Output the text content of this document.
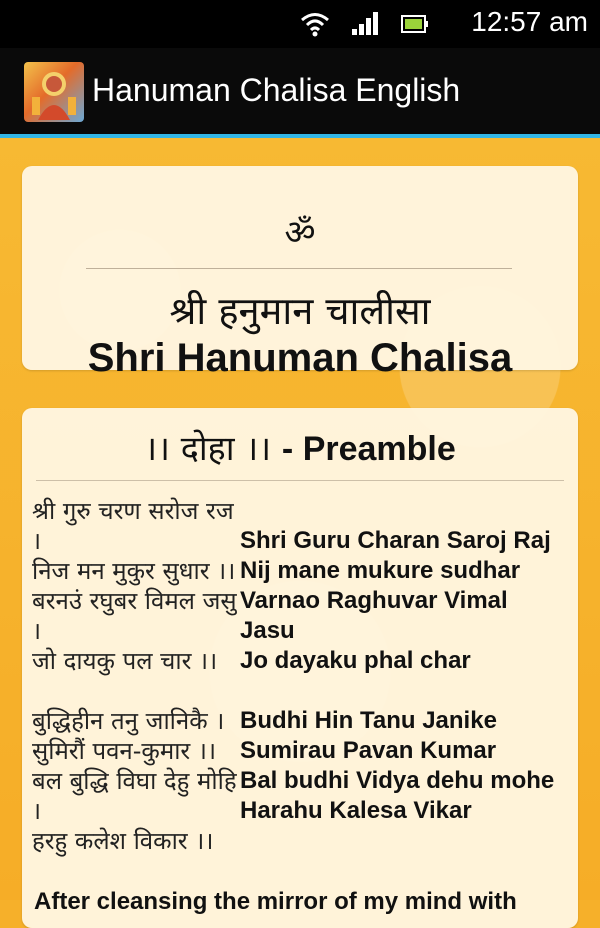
12:57 am
Hanuman Chalisa English
ॐ
श्री हनुमान चालीसा
Shri Hanuman Chalisa
।। दोहा ।। - Preamble
श्री गुरु चरण सरोज रज
।
निज मन मुकुर सुधार ।।
बरनउं रघुबर विमल जसु
।
जो दायकु पल चार ।।
Shri Guru Charan Saroj Raj
Nij mane mukure sudhar
Varnao Raghuvar Vimal
Jasu
Jo dayaku phal char
बुद्धिहीन तनु जानिकै ।
सुमिरौं पवन-कुमार ।।
बल बुद्धि विघा देहु मोहि
।
हरहु कलेश विकार ।।
Budhi Hin Tanu Janike
Sumirau Pavan Kumar
Bal budhi Vidya dehu mohe
Harahu Kalesa Vikar
After cleansing the mirror of my mind with
